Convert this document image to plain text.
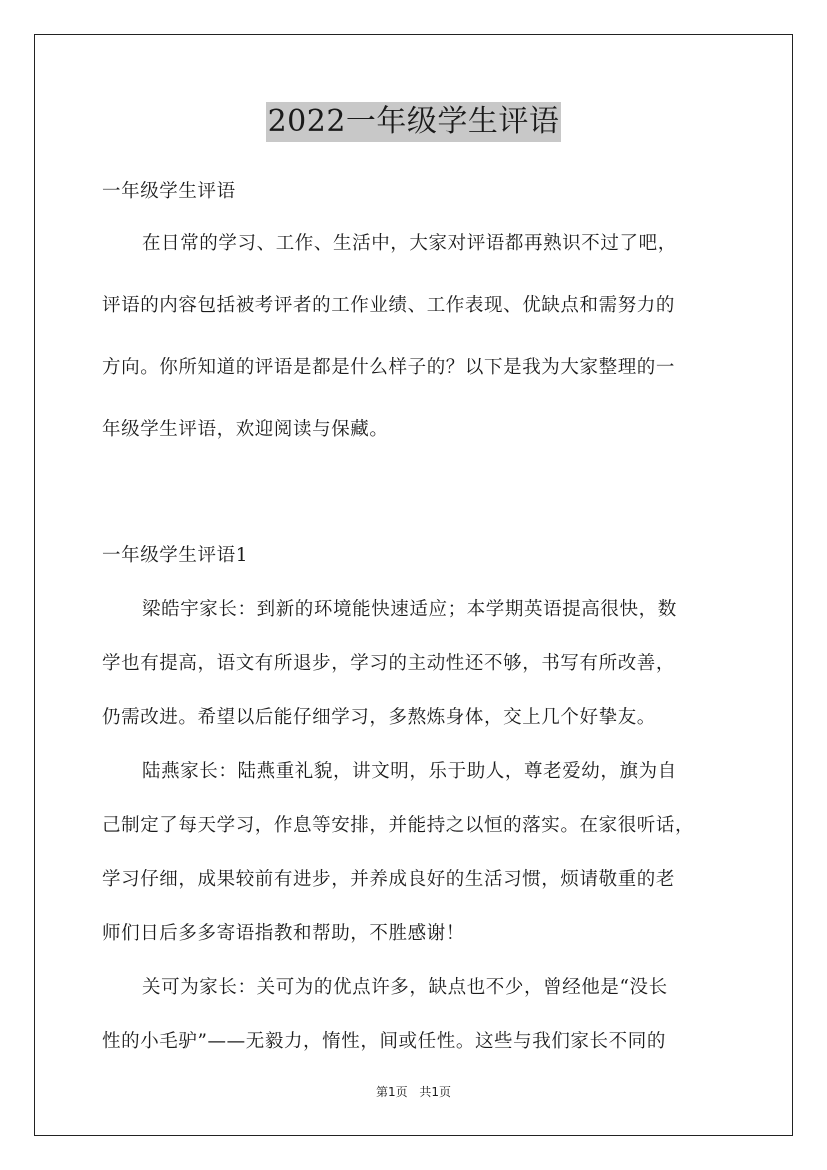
2022一年级学生评语
一年级学生评语
在日常的学习、工作、生活中，大家对评语都再熟识不过了吧，
评语的内容包括被考评者的工作业绩、工作表现、优缺点和需努力的
方向。你所知道的评语是都是什么样子的？以下是我为大家整理的一
年级学生评语，欢迎阅读与保藏。
一年级学生评语1
梁皓宇家长：到新的环境能快速适应；本学期英语提高很快，数
学也有提高，语文有所退步，学习的主动性还不够，书写有所改善，
仍需改进。希望以后能仔细学习，多熬炼身体，交上几个好挚友。
陆燕家长：陆燕重礼貌，讲文明，乐于助人，尊老爱幼，旗为自
己制定了每天学习，作息等安排，并能持之以恒的落实。在家很听话，
学习仔细，成果较前有进步，并养成良好的生活习惯，烦请敬重的老
师们日后多多寄语指教和帮助，不胜感谢！
关可为家长：关可为的优点许多，缺点也不少，曾经他是“没长
性的小毛驴”——无毅力，惰性，间或任性。这些与我们家长不同的
第1页 共1页
